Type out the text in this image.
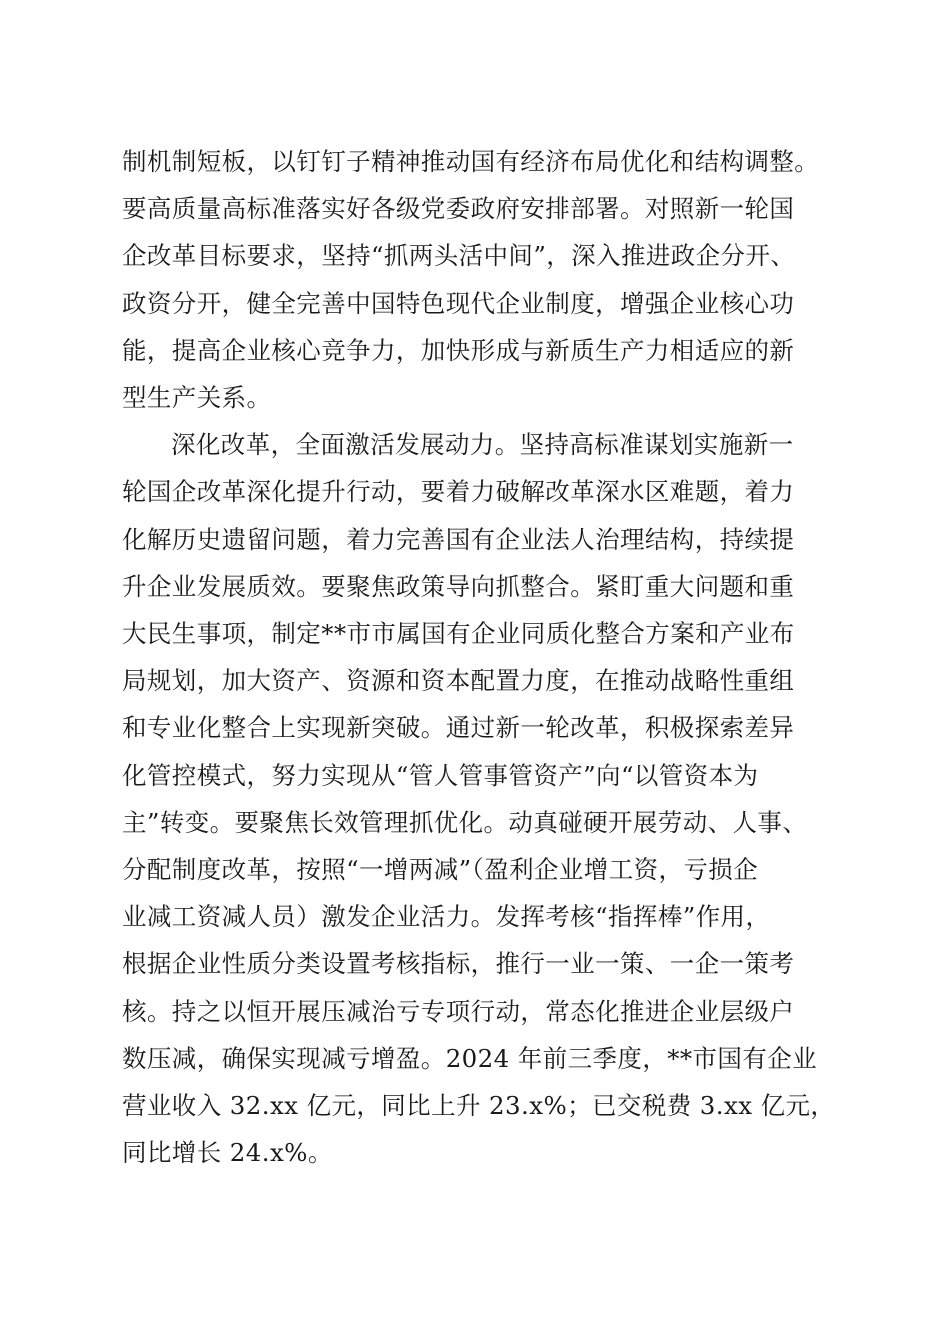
制机制短板，以钉钉子精神推动国有经济布局优化和结构调整。
要高质量高标准落实好各级党委政府安排部署。对照新一轮国
企改革目标要求，坚持“抓两头活中间”，深入推进政企分开、
政资分开，健全完善中国特色现代企业制度，增强企业核心功
能，提高企业核心竞争力，加快形成与新质生产力相适应的新
型生产关系。
深化改革，全面激活发展动力。坚持高标准谋划实施新一
轮国企改革深化提升行动，要着力破解改革深水区难题，着力
化解历史遗留问题，着力完善国有企业法人治理结构，持续提
升企业发展质效。要聚焦政策导向抓整合。紧盯重大问题和重
大民生事项，制定**市市属国有企业同质化整合方案和产业布
局规划，加大资产、资源和资本配置力度，在推动战略性重组
和专业化整合上实现新突破。通过新一轮改革，积极探索差异
化管控模式，努力实现从“管人管事管资产”向“以管资本为
主”转变。要聚焦长效管理抓优化。动真碰硬开展劳动、人事、
分配制度改革，按照“一增两减”（盈利企业增工资，亏损企
业减工资减人员）激发企业活力。发挥考核“指挥棒”作用，
根据企业性质分类设置考核指标，推行一业一策、一企一策考
核。持之以恒开展压减治亏专项行动，常态化推进企业层级户
数压减，确保实现减亏增盈。2024 年前三季度，**市国有企业
营业收入 32.xx 亿元，同比上升 23.x%；已交税费 3.xx 亿元，
同比增长 24.x%。
